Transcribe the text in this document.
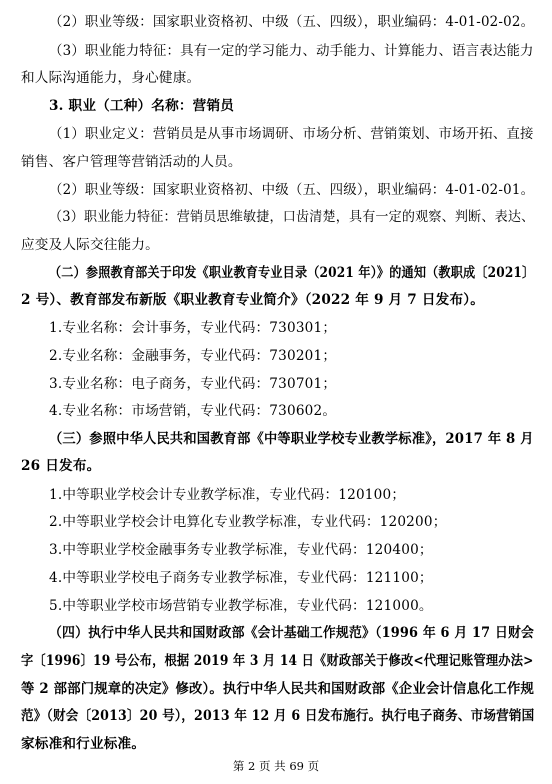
（2）职业等级：国家职业资格初、中级（五、四级），职业编码：4-01-02-02。
（3）职业能力特征：具有一定的学习能力、动手能力、计算能力、语言表达能力
和人际沟通能力，身心健康。
3. 职业（工种）名称：营销员
（1）职业定义：营销员是从事市场调研、市场分析、营销策划、市场开拓、直接
销售、客户管理等营销活动的人员。
（2）职业等级：国家职业资格初、中级（五、四级），职业编码：4-01-02-01。
（3）职业能力特征：营销员思维敏捷，口齿清楚，具有一定的观察、判断、表达、
应变及人际交往能力。
（二）参照教育部关于印发《职业教育专业目录（2021 年）》的通知（教职成〔2021〕
2 号）、教育部发布新版《职业教育专业简介》（2022 年 9 月 7 日发布）。
1.专业名称：会计事务，专业代码：730301；
2.专业名称：金融事务，专业代码：730201；
3.专业名称：电子商务，专业代码：730701；
4.专业名称：市场营销，专业代码：730602。
（三）参照中华人民共和国教育部《中等职业学校专业教学标准》，2017 年 8 月
26 日发布。
1.中等职业学校会计专业教学标准，专业代码：120100；
2.中等职业学校会计电算化专业教学标准，专业代码：120200；
3.中等职业学校金融事务专业教学标准，专业代码：120400；
4.中等职业学校电子商务专业教学标准，专业代码：121100；
5.中等职业学校市场营销专业教学标准，专业代码：121000。
（四）执行中华人民共和国财政部《会计基础工作规范》（1996 年 6 月 17 日财会
字〔1996〕19 号公布，根据 2019 年 3 月 14 日《财政部关于修改<代理记账管理办法>
等 2 部部门规章的决定》修改）。执行中华人民共和国财政部《企业会计信息化工作规
范》（财会〔2013〕20 号），2013 年 12 月 6 日发布施行。执行电子商务、市场营销国
家标准和行业标准。
第 2 页 共 69 页
